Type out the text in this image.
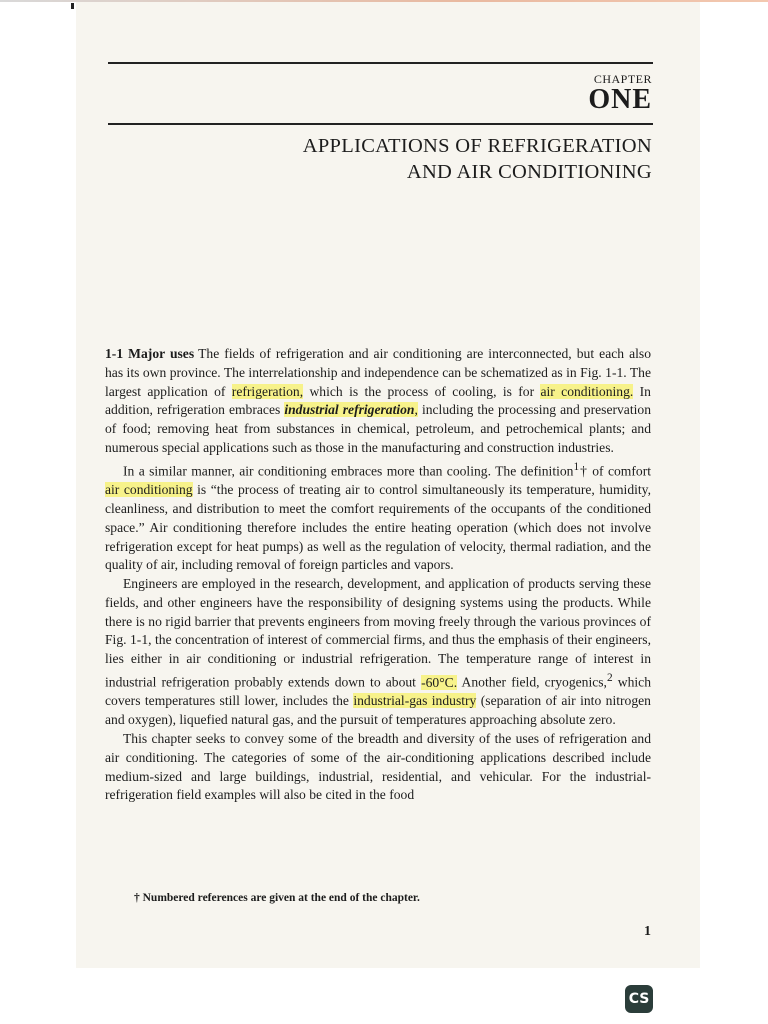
CHAPTER
ONE
APPLICATIONS OF REFRIGERATION
AND AIR CONDITIONING

1-1 Major uses The fields of refrigeration and air conditioning are interconnected, but each also has its own province. The interrelationship and independence can be schematized as in Fig. 1-1. The largest application of refrigeration, which is the process of cooling, is for air conditioning. In addition, refrigeration embraces industrial refrigeration, including the processing and preservation of food; removing heat from substances in chemical, petroleum, and petrochemical plants; and numerous special applications such as those in the manufacturing and construction industries.

In a similar manner, air conditioning embraces more than cooling. The definition$^1$† of comfort air conditioning is “the process of treating air to control simultaneously its temperature, humidity, cleanliness, and distribution to meet the comfort requirements of the occupants of the conditioned space.” Air conditioning therefore includes the entire heating operation (which does not involve refrigeration except for heat pumps) as well as the regulation of velocity, thermal radiation, and the quality of air, including removal of foreign particles and vapors.

Engineers are employed in the research, development, and application of products serving these fields, and other engineers have the responsibility of designing systems using the products. While there is no rigid barrier that prevents engineers from moving freely through the various provinces of Fig. 1-1, the concentration of interest of commercial firms, and thus the emphasis of their engineers, lies either in air conditioning or industrial refrigeration. The temperature range of interest in industrial refrigeration probably extends down to about -60°C. Another field, cryogenics,$^2$ which covers temperatures still lower, includes the industrial-gas industry (separation of air into nitrogen and oxygen), liquefied natural gas, and the pursuit of temperatures approaching absolute zero.

This chapter seeks to convey some of the breadth and diversity of the uses of refrigeration and air conditioning. The categories of some of the air-conditioning applications described include medium-sized and large buildings, industrial, residential, and vehicular. For the industrial-refrigeration field examples will also be cited in the food

† Numbered references are given at the end of the chapter.
1
CS
